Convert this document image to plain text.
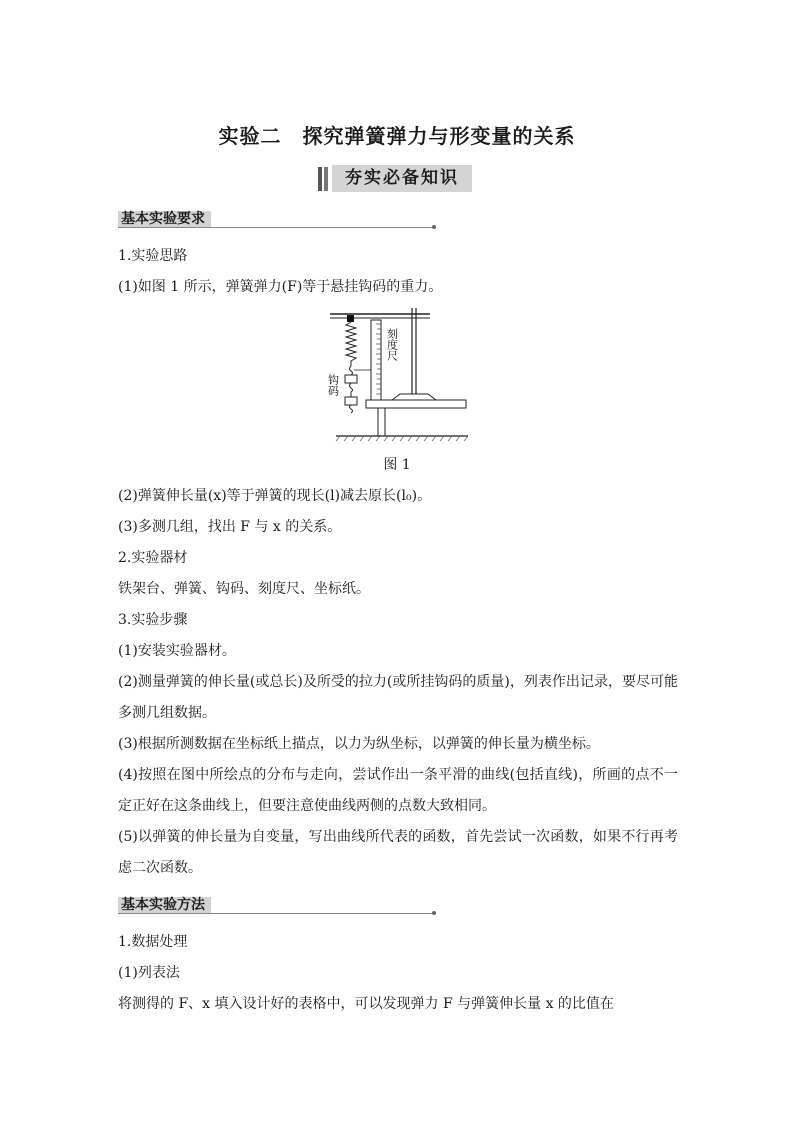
实验二　探究弹簧弹力与形变量的关系
夯实必备知识
基本实验要求
1.实验思路
(1)如图 1 所示，弹簧弹力(F)等于悬挂钩码的重力。
钩码
刻度尺
图 1
(2)弹簧伸长量(x)等于弹簧的现长(l)减去原长(l₀)。
(3)多测几组，找出 F 与 x 的关系。
2.实验器材
铁架台、弹簧、钩码、刻度尺、坐标纸。
3.实验步骤
(1)安装实验器材。
(2)测量弹簧的伸长量(或总长)及所受的拉力(或所挂钩码的质量)，列表作出记录，要尽可能多测几组数据。
(3)根据所测数据在坐标纸上描点，以力为纵坐标，以弹簧的伸长量为横坐标。
(4)按照在图中所绘点的分布与走向，尝试作出一条平滑的曲线(包括直线)，所画的点不一定正好在这条曲线上，但要注意使曲线两侧的点数大致相同。
(5)以弹簧的伸长量为自变量，写出曲线所代表的函数，首先尝试一次函数，如果不行再考虑二次函数。
基本实验方法
1.数据处理
(1)列表法
将测得的 F、x 填入设计好的表格中，可以发现弹力 F 与弹簧伸长量 x 的比值在
